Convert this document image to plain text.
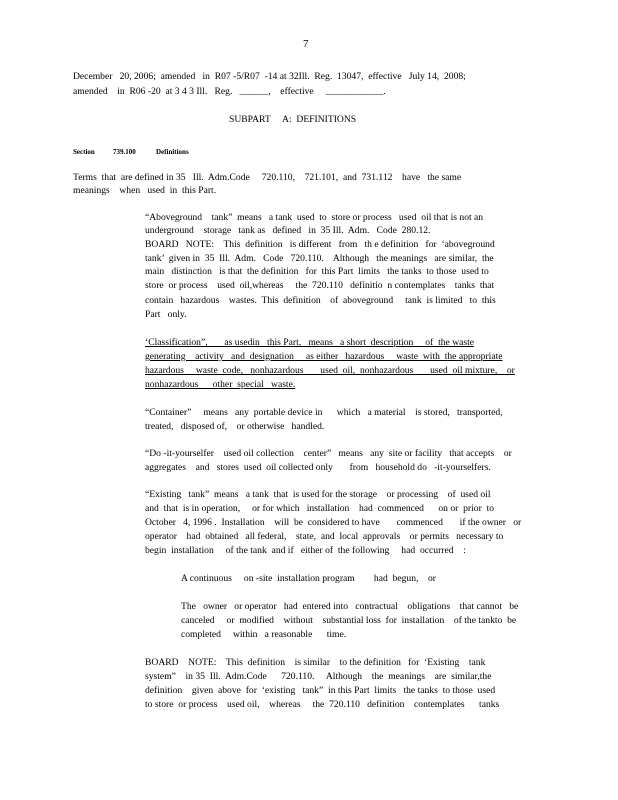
7
December   20, 2006;  amended   in  R07 -5/R07  -14 at 32Ill.  Reg.  13047,  effective   July 14,  2008;
amended    in  R06 -20  at 3 4 3 Ill.   Reg.   ______,    effective     ____________.
SUBPART     A:  DEFINITIONS
Section	739.100	Definitions
Terms  that  are defined in 35   Ill.  Adm.Code     720.110,    721.101,  and  731.112    have   the same
meanings    when   used  in  this Part.
“Aboveground    tank”  means   a tank  used  to  store or process   used  oil that is not an
underground    storage   tank as   defined   in  35 Ill.  Adm.   Code  280.12.
BOARD   NOTE:    This  definition   is different   from   th e definition   for  ‘aboveground
tank’  given in  35  Ill.  Adm.   Code   720.110.    Although   the meanings   are similar,  the
main   distinction   is that  the definition   for  this Part  limits   the tanks  to those  used to
store  or process    used  oil,whereas     the  720.110   definitio  n contemplates    tanks  that
contain   hazardous    wastes.  This  definition    of  aboveground     tank  is limited   to  this
Part   only.
‘Classification”,       as usedin   this Part,   means   a short  description     of  the waste
generating    activity   and  designation     as either   hazardous     waste  with  the appropriate
hazardous     waste  code,   nonhazardous       used  oil,  nonhazardous       used  oil mixture,    or
nonhazardous      other  special   waste.
“Container”     means   any  portable device in      which   a material    is stored,   transported,
treated,   disposed of,    or otherwise   handled.
“Do -it-yourselfer    used oil collection    center”   means   any  site or facility   that accepts    or
aggregates    and   stores  used  oil collected only       from   household do   -it-yourselfers.
“Existing   tank”  means   a tank  that  is used for the storage    or processing    of  used oil
and  that  is in operation,     or for which   installation    had  commenced      on or  prior  to
October   4, 1996 .  Installation    will  be  considered to have       commenced       if the owner   or
operator    had  obtained   all federal,    state,  and  local  approvals    or permits   necessary to
begin  installation     of the tank  and if   either of  the following     had  occurred    :
A continuous     on -site  installation program        had  begun,    or
The   owner   or operator   had  entered into   contractual    obligations    that cannot   be
canceled     or  modified    without    substantial loss  for  installation    of the tankto  be
completed     within   a reasonable      time.
BOARD    NOTE:    This  definition    is similar    to the definition   for  ‘Existing    tank
system”    in 35  Ill.  Adm.Code      720.110.     Although    the  meanings    are  similar,the
definition    given  above  for  ‘existing   tank”  in this Part  limits   the tanks  to those  used
to store  or process    used oil,    whereas     the  720.110   definition    contemplates      tanks
